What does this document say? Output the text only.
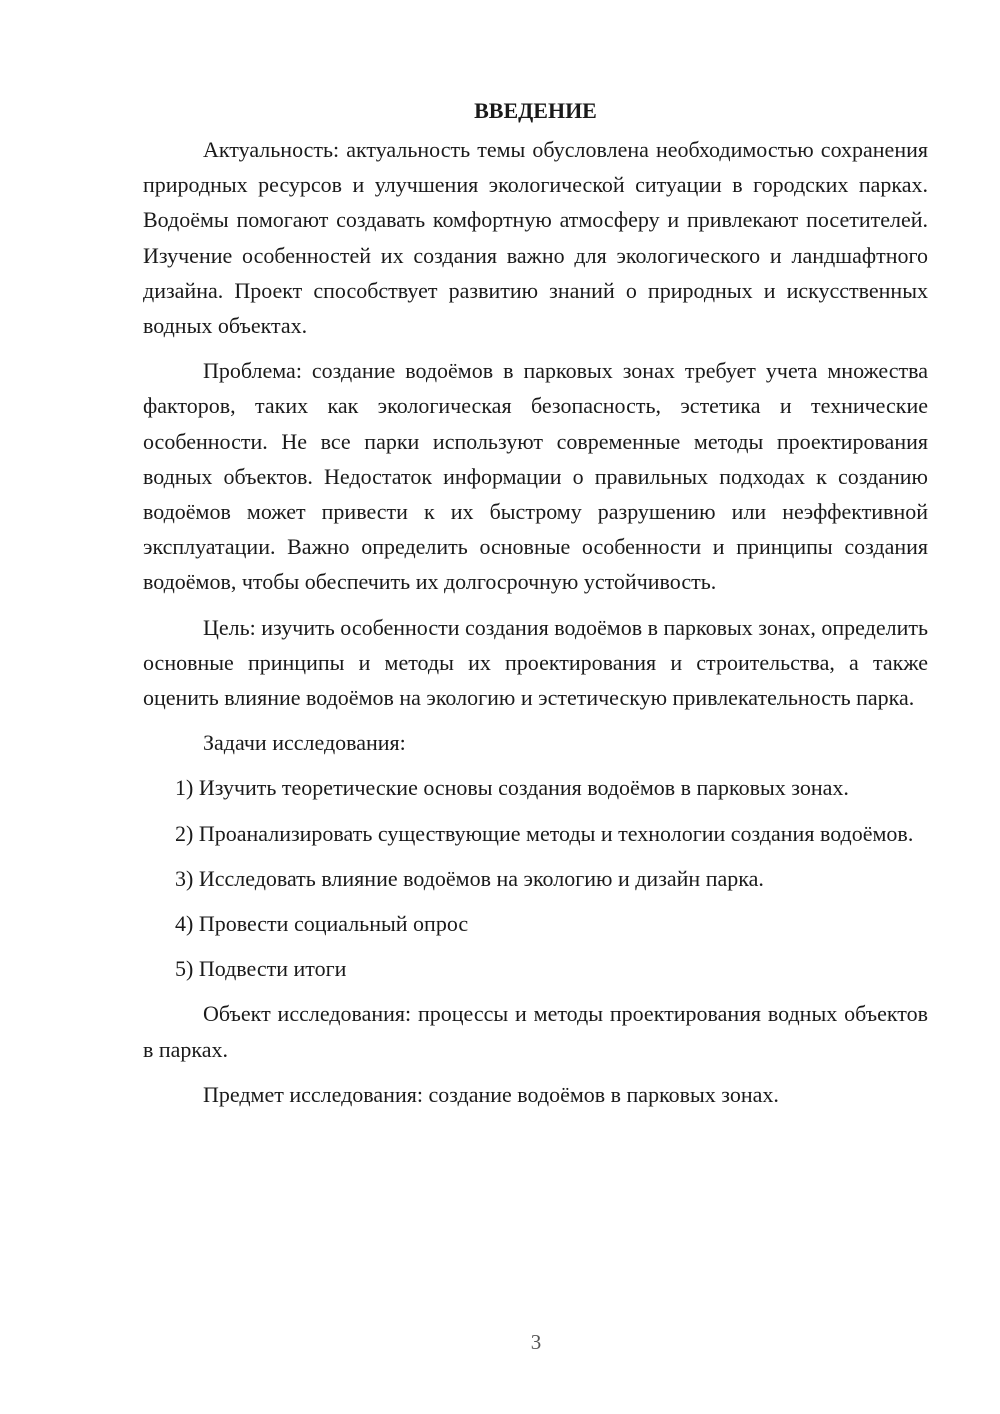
ВВЕДЕНИЕ

Актуальность: актуальность темы обусловлена необходимостью сохранения природных ресурсов и улучшения экологической ситуации в городских парках. Водоёмы помогают создавать комфортную атмосферу и привлекают посетителей. Изучение особенностей их создания важно для экологического и ландшафтного дизайна. Проект способствует развитию знаний о природных и искусственных водных объектах.

Проблема: создание водоёмов в парковых зонах требует учета множества факторов, таких как экологическая безопасность, эстетика и технические особенности. Не все парки используют современные методы проектирования водных объектов. Недостаток информации о правильных подходах к созданию водоёмов может привести к их быстрому разрушению или неэффективной эксплуатации. Важно определить основные особенности и принципы создания водоёмов, чтобы обеспечить их долгосрочную устойчивость.

Цель: изучить особенности создания водоёмов в парковых зонах, определить основные принципы и методы их проектирования и строительства, а также оценить влияние водоёмов на экологию и эстетическую привлекательность парка.

Задачи исследования:

1) Изучить теоретические основы создания водоёмов в парковых зонах.

2) Проанализировать существующие методы и технологии создания водоёмов.

3) Исследовать влияние водоёмов на экологию и дизайн парка.

4) Провести социальный опрос

5) Подвести итоги

Объект исследования: процессы и методы проектирования водных объектов в парках.

Предмет исследования: создание водоёмов в парковых зонах.

3
